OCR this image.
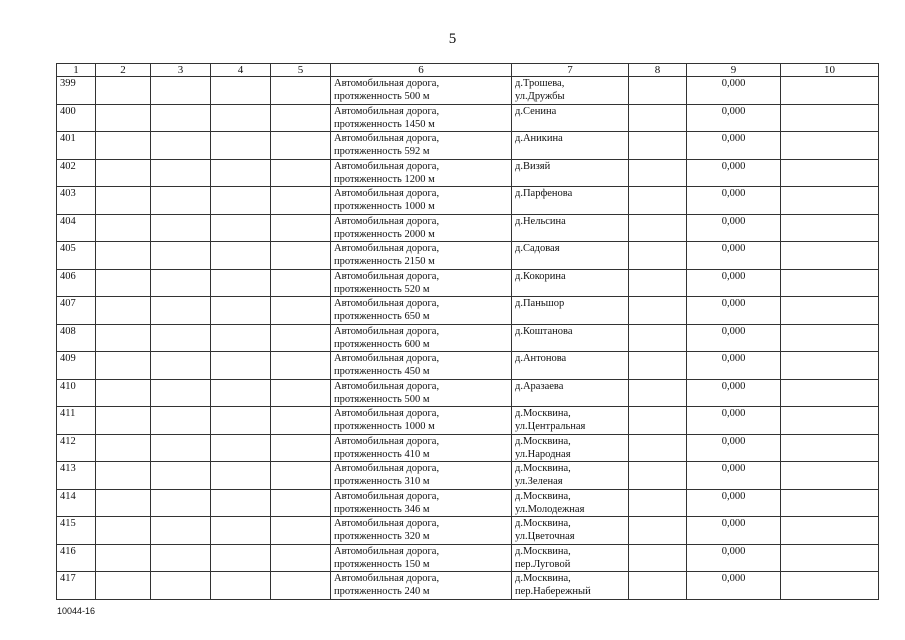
5
1	2	3	4	5	6	7	8	9	10
399					Автомобильная дорога,
протяженность 500 м	д.Трошева,
ул.Дружбы		0,000	
400					Автомобильная дорога,
протяженность 1450 м	д.Сенина		0,000	
401					Автомобильная дорога,
протяженность 592 м	д.Аникина		0,000	
402					Автомобильная дорога,
протяженность 1200 м	д.Визяй		0,000	
403					Автомобильная дорога,
протяженность 1000 м	д.Парфенова		0,000	
404					Автомобильная дорога,
протяженность 2000 м	д.Нельсина		0,000	
405					Автомобильная дорога,
протяженность 2150 м	д.Садовая		0,000	
406					Автомобильная дорога,
протяженность 520 м	д.Кокорина		0,000	
407					Автомобильная дорога,
протяженность 650 м	д.Паньшор		0,000	
408					Автомобильная дорога,
протяженность 600 м	д.Коштанова		0,000	
409					Автомобильная дорога,
протяженность 450 м	д.Антонова		0,000	
410					Автомобильная дорога,
протяженность 500 м	д.Аразаева		0,000	
411					Автомобильная дорога,
протяженность 1000 м	д.Москвина,
ул.Центральная		0,000	
412					Автомобильная дорога,
протяженность 410 м	д.Москвина,
ул.Народная		0,000	
413					Автомобильная дорога,
протяженность 310 м	д.Москвина,
ул.Зеленая		0,000	
414					Автомобильная дорога,
протяженность 346 м	д.Москвина,
ул.Молодежная		0,000	
415					Автомобильная дорога,
протяженность 320 м	д.Москвина,
ул.Цветочная		0,000	
416					Автомобильная дорога,
протяженность 150 м	д.Москвина,
пер.Луговой		0,000	
417					Автомобильная дорога,
протяженность 240 м	д.Москвина,
пер.Набережный		0,000	
10044-16
